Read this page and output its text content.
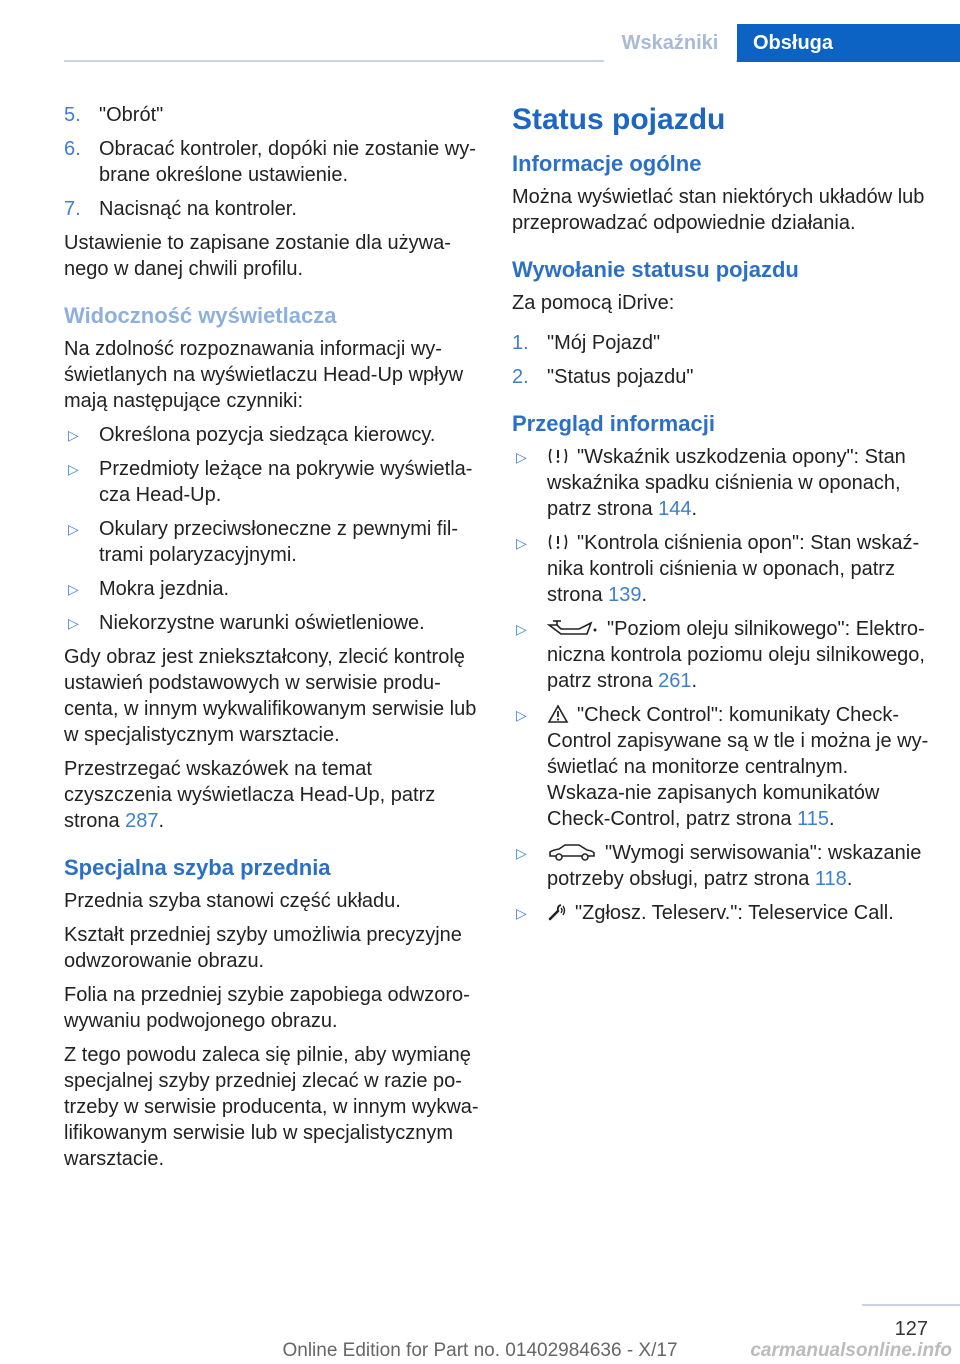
Wskaźniki	Obsługa
5. "Obrót"
6. Obracać kontroler, dopóki nie zostanie wy-brane określone ustawienie.
7. Nacisnąć na kontroler.

Ustawienie to zapisane zostanie dla używa-nego w danej chwili profilu.

Widoczność wyświetlacza

Na zdolność rozpoznawania informacji wy-świetlanych na wyświetlaczu Head-Up wpływ mają następujące czynniki:

▷ Określona pozycja siedząca kierowcy.
▷ Przedmioty leżące na pokrywie wyświetla-cza Head-Up.
▷ Okulary przeciwsłoneczne z pewnymi fil-trami polaryzacyjnymi.
▷ Mokra jezdnia.
▷ Niekorzystne warunki oświetleniowe.

Gdy obraz jest zniekształcony, zlecić kontrolę ustawień podstawowych w serwisie produ-centa, w innym wykwalifikowanym serwisie lub w specjalistycznym warsztacie.

Przestrzegać wskazówek na temat czyszczenia wyświetlacza Head-Up, patrz strona 287.

Specjalna szyba przednia

Przednia szyba stanowi część układu.

Kształt przedniej szyby umożliwia precyzyjne odwzorowanie obrazu.

Folia na przedniej szybie zapobiega odwzoro-wywaniu podwojonego obrazu.

Z tego powodu zaleca się pilnie, aby wymianę specjalnej szyby przedniej zlecać w razie po-trzeby w serwisie producenta, w innym wykwa-lifikowanym serwisie lub w specjalistycznym warsztacie.

Status pojazdu
Informacje ogólne

Można wyświetlać stan niektórych układów lub przeprowadzać odpowiednie działania.

Wywołanie statusu pojazdu

Za pomocą iDrive:

1. "Mój Pojazd"
2. "Status pojazdu"
Przegląd informacji
▷	"Wskaźnik uszkodzenia opony": Stan wskaźnika spadku ciśnienia w oponach, patrz strona 144.
▷	"Kontrola ciśnienia opon": Stan wskaź-nika kontroli ciśnienia w oponach, patrz strona 139.
▷	"Poziom oleju silnikowego": Elektro-niczna kontrola poziomu oleju silnikowego, patrz strona 261.
▷	"Check Control": komunikaty Check-Control zapisywane są w tle i można je wy-świetlać na monitorze centralnym. Wskaza-nie zapisanych komunikatów Check-Control, patrz strona 115.
▷	"Wymogi serwisowania": wskazanie potrzeby obsługi, patrz strona 118.
▷ "Zgłosz. Teleserv.": Teleservice Call.
127
Online Edition for Part no. 01402984636 - X/17	carmanualsonline.info
